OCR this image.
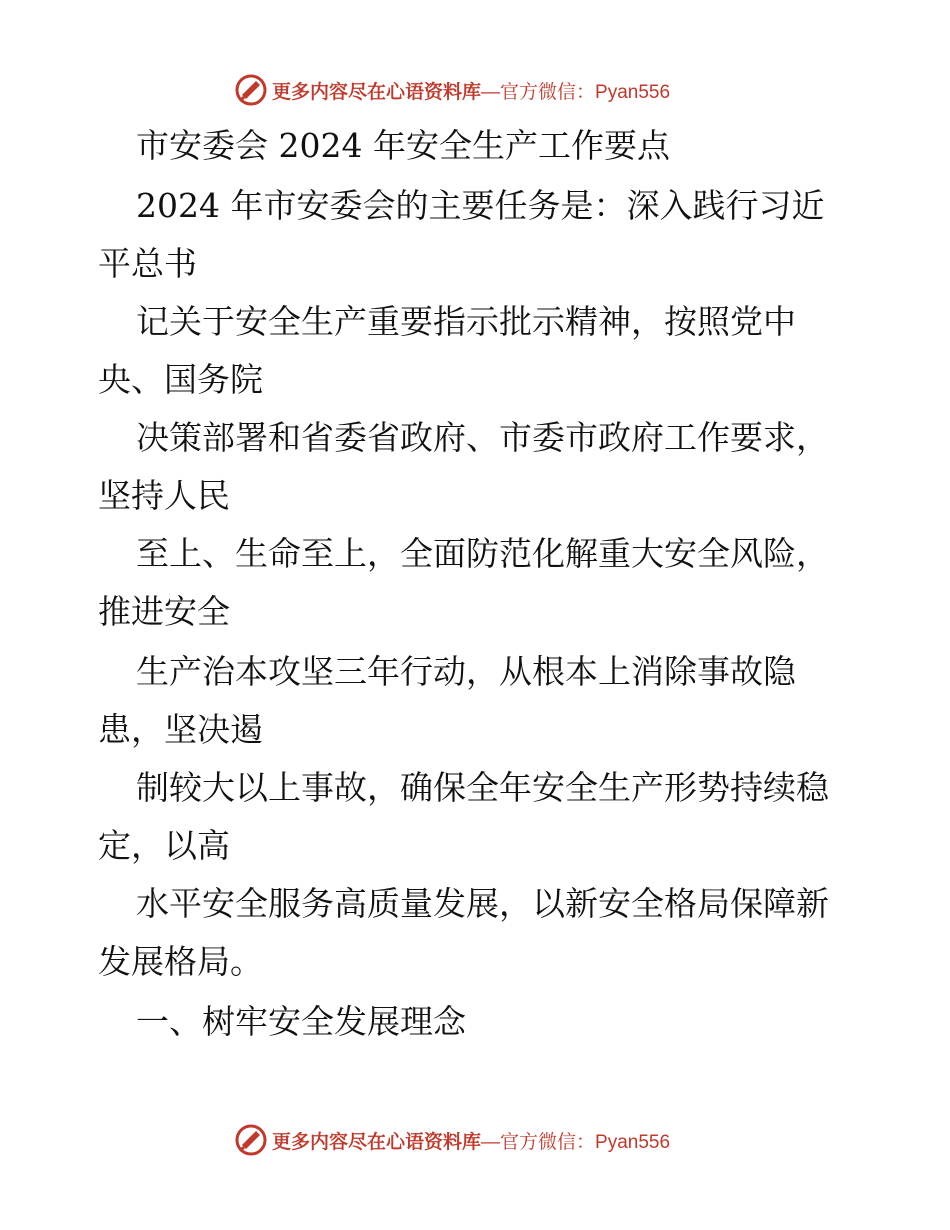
更多内容尽在心语资料库 —官方微信：Pyan556
市安委会 2024 年安全生产工作要点
2024 年市安委会的主要任务是：深入践行习近
平总书
记关于安全生产重要指示批示精神，按照党中
央、国务院
决策部署和省委省政府、市委市政府工作要求，
坚持人民
至上、生命至上，全面防范化解重大安全风险，
推进安全
生产治本攻坚三年行动，从根本上消除事故隐
患，坚决遏
制较大以上事故，确保全年安全生产形势持续稳
定，以高
水平安全服务高质量发展，以新安全格局保障新
发展格局。
一、树牢安全发展理念
更多内容尽在心语资料库 —官方微信：Pyan556
